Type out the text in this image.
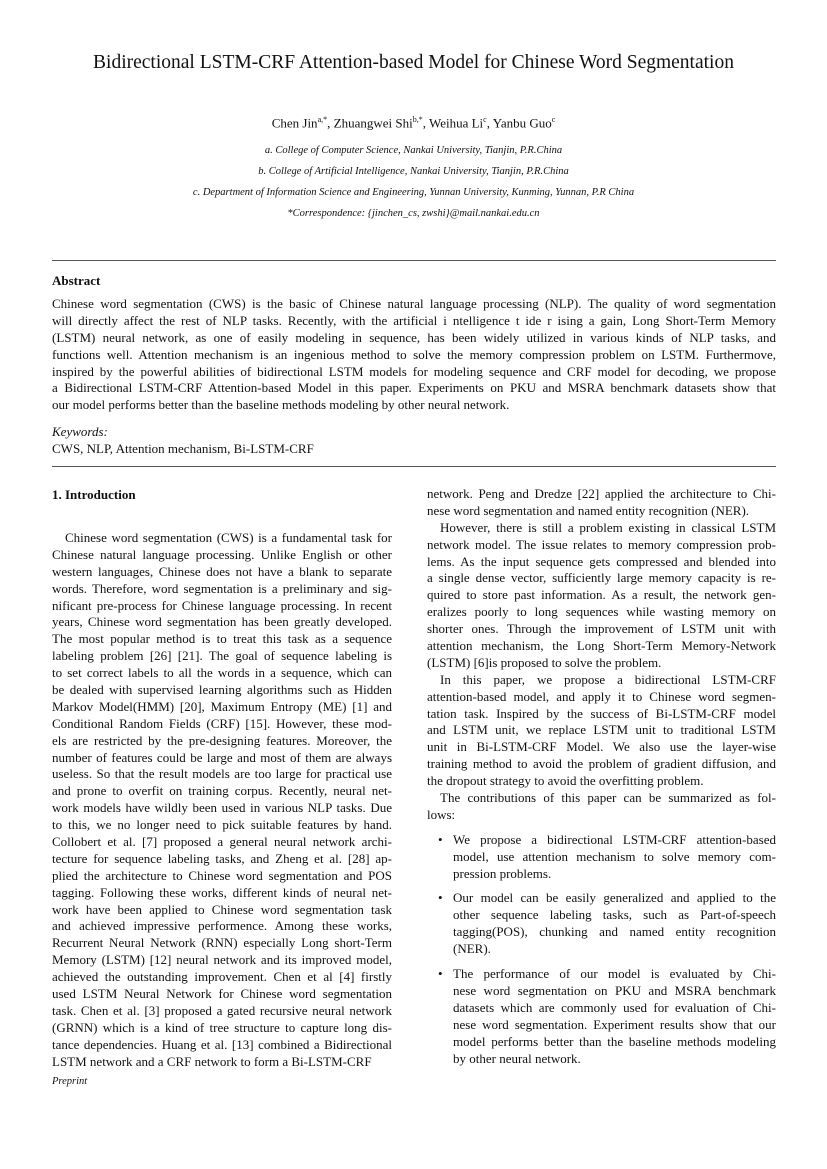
Bidirectional LSTM-CRF Attention-based Model for Chinese Word Segmentation
Chen Jin$^{a,*}$, Zhuangwei Shi$^{b,*}$, Weihua Li$^c$, Yanbu Guo$^c$
a. College of Computer Science, Nankai University, Tianjin, P.R.China
b. College of Artificial Intelligence, Nankai University, Tianjin, P.R.China
c. Department of Information Science and Engineering, Yunnan University, Kunming, Yunnan, P.R China
*Correspondence: {jinchen_cs, zwshi}@mail.nankai.edu.cn
Abstract
Chinese word segmentation (CWS) is the basic of Chinese natural language processing (NLP). The quality of word segmentation
will directly affect the rest of NLP tasks. Recently, with the artificial i ntelligence t ide r ising a gain, Long Short-Term Memory
(LSTM) neural network, as one of easily modeling in sequence, has been widely utilized in various kinds of NLP tasks, and
functions well. Attention mechanism is an ingenious method to solve the memory compression problem on LSTM. Furthermove,
inspired by the powerful abilities of bidirectional LSTM models for modeling sequence and CRF model for decoding, we propose
a Bidirectional LSTM-CRF Attention-based Model in this paper. Experiments on PKU and MSRA benchmark datasets show that
our model performs better than the baseline methods modeling by other neural network.
Keywords:
CWS, NLP, Attention mechanism, Bi-LSTM-CRF
1. Introduction
Chinese word segmentation (CWS) is a fundamental task for
Chinese natural language processing. Unlike English or other
western languages, Chinese does not have a blank to separate
words. Therefore, word segmentation is a preliminary and sig-
nificant pre-process for Chinese language processing. In recent
years, Chinese word segmentation has been greatly developed.
The most popular method is to treat this task as a sequence
labeling problem [26] [21]. The goal of sequence labeling is
to set correct labels to all the words in a sequence, which can
be dealed with supervised learning algorithms such as Hidden
Markov Model(HMM) [20], Maximum Entropy (ME) [1] and
Conditional Random Fields (CRF) [15]. However, these mod-
els are restricted by the pre-designing features. Moreover, the
number of features could be large and most of them are always
useless. So that the result models are too large for practical use
and prone to overfit on training corpus. Recently, neural net-
work models have wildly been used in various NLP tasks. Due
to this, we no longer need to pick suitable features by hand.
Collobert et al. [7] proposed a general neural network archi-
tecture for sequence labeling tasks, and Zheng et al. [28] ap-
plied the architecture to Chinese word segmentation and POS
tagging. Following these works, different kinds of neural net-
work have been applied to Chinese word segmentation task
and achieved impressive performence. Among these works,
Recurrent Neural Network (RNN) especially Long short-Term
Memory (LSTM) [12] neural network and its improved model,
achieved the outstanding improvement. Chen et al [4] firstly
used LSTM Neural Network for Chinese word segmentation
task. Chen et al. [3] proposed a gated recursive neural network
(GRNN) which is a kind of tree structure to capture long dis-
tance dependencies. Huang et al. [13] combined a Bidirectional
LSTM network and a CRF network to form a Bi-LSTM-CRF
network. Peng and Dredze [22] applied the architecture to Chi-
nese word segmentation and named entity recognition (NER).
However, there is still a problem existing in classical LSTM
network model. The issue relates to memory compression prob-
lems. As the input sequence gets compressed and blended into
a single dense vector, sufficiently large memory capacity is re-
quired to store past information. As a result, the network gen-
eralizes poorly to long sequences while wasting memory on
shorter ones. Through the improvement of LSTM unit with
attention mechanism, the Long Short-Term Memory-Network
(LSTM) [6]is proposed to solve the problem.
In this paper, we propose a bidirectional LSTM-CRF
attention-based model, and apply it to Chinese word segmen-
tation task. Inspired by the success of Bi-LSTM-CRF model
and LSTM unit, we replace LSTM unit to traditional LSTM
unit in Bi-LSTM-CRF Model. We also use the layer-wise
training method to avoid the problem of gradient diffusion, and
the dropout strategy to avoid the overfitting problem.
The contributions of this paper can be summarized as fol-
lows:
• We propose a bidirectional LSTM-CRF attention-based
model, use attention mechanism to solve memory com-
pression problems.
• Our model can be easily generalized and applied to the
other sequence labeling tasks, such as Part-of-speech
tagging(POS), chunking and named entity recognition
(NER).
• The performance of our model is evaluated by Chi-
nese word segmentation on PKU and MSRA benchmark
datasets which are commonly used for evaluation of Chi-
nese word segmentation. Experiment results show that our
model performs better than the baseline methods modeling
by other neural network.
Preprint
